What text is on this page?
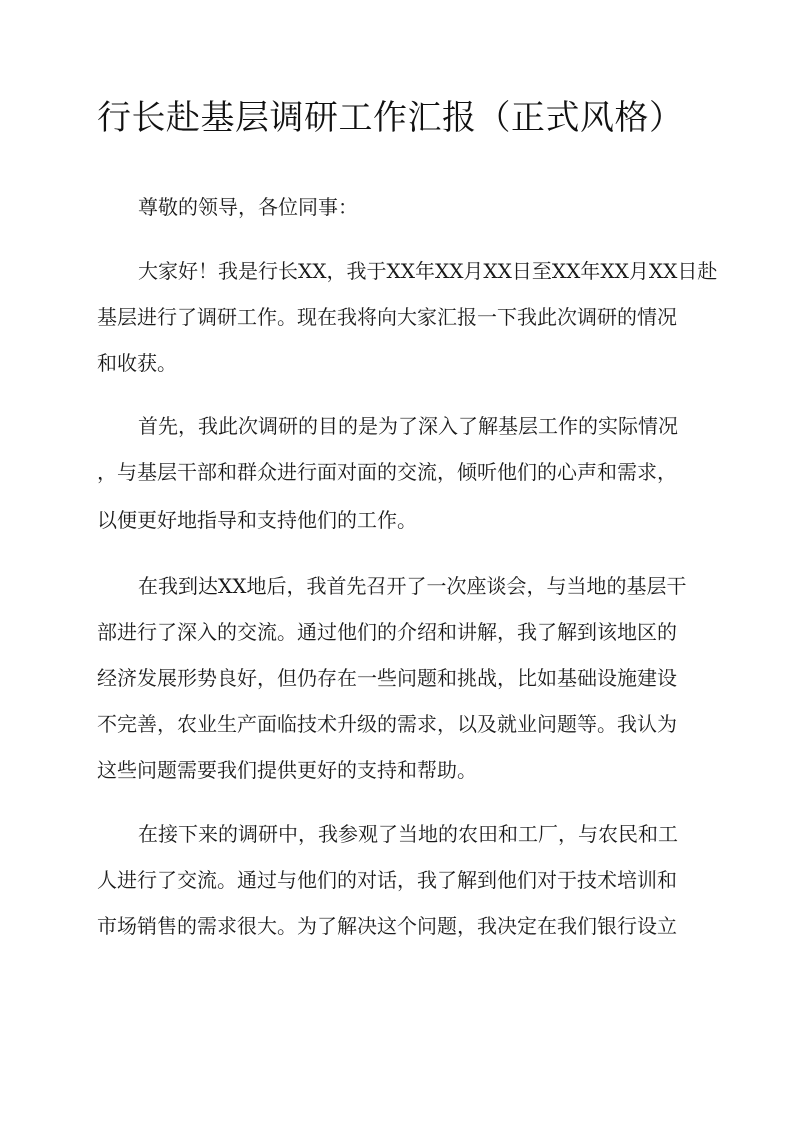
行长赴基层调研工作汇报（正式风格）

尊敬的领导，各位同事：

大家好！我是行长XX，我于XX年XX月XX日至XX年XX月XX日赴

基层进行了调研工作。现在我将向大家汇报一下我此次调研的情况

和收获。

首先，我此次调研的目的是为了深入了解基层工作的实际情况

，与基层干部和群众进行面对面的交流，倾听他们的心声和需求，

以便更好地指导和支持他们的工作。

在我到达XX地后，我首先召开了一次座谈会，与当地的基层干

部进行了深入的交流。通过他们的介绍和讲解，我了解到该地区的

经济发展形势良好，但仍存在一些问题和挑战，比如基础设施建设

不完善，农业生产面临技术升级的需求，以及就业问题等。我认为

这些问题需要我们提供更好的支持和帮助。

在接下来的调研中，我参观了当地的农田和工厂，与农民和工

人进行了交流。通过与他们的对话，我了解到他们对于技术培训和

市场销售的需求很大。为了解决这个问题，我决定在我们银行设立
